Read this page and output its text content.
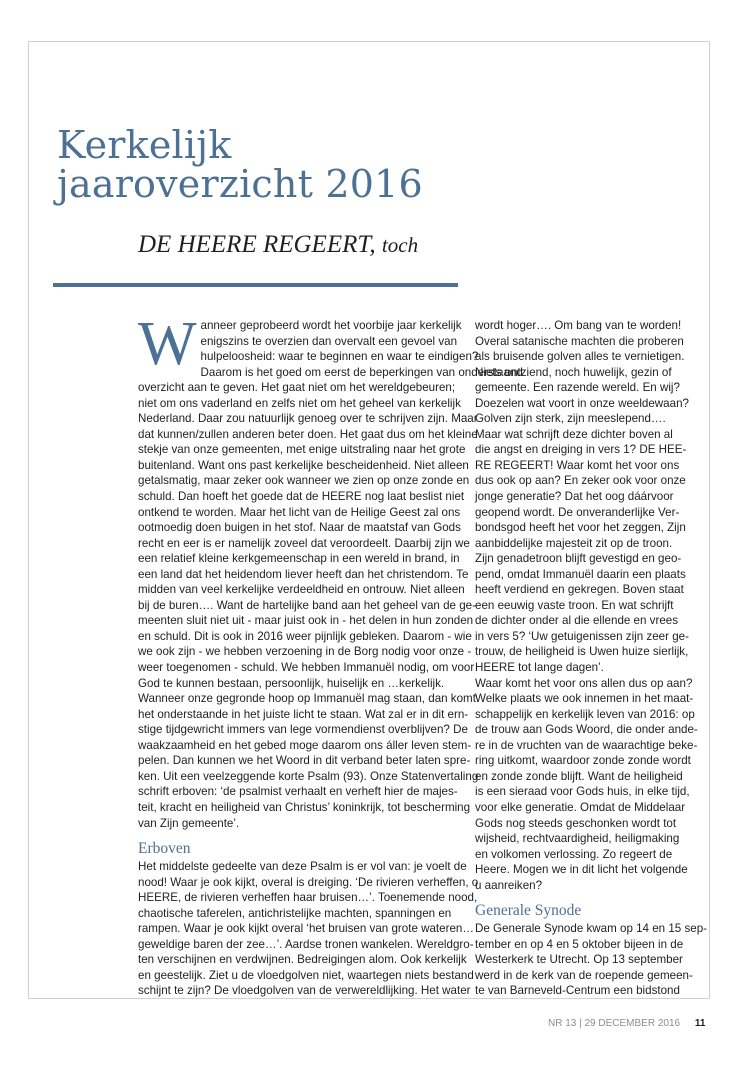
Kerkelijk
jaaroverzicht 2016
DE HEERE REGEERT, toch
W anneer geprobeerd wordt het voorbije jaar kerkelijk
enigszins te overzien dan overvalt een gevoel van
hulpeloosheid: waar te beginnen en waar te eindigen?
Daarom is het goed om eerst de beperkingen van onderstaand
overzicht aan te geven. Het gaat niet om het wereldgebeuren;
niet om ons vaderland en zelfs niet om het geheel van kerkelijk
Nederland. Daar zou natuurlijk genoeg over te schrijven zijn. Maar
dat kunnen/zullen anderen beter doen. Het gaat dus om het kleine
stekje van onze gemeenten, met enige uitstraling naar het grote
buitenland. Want ons past kerkelijke bescheidenheid. Niet alleen
getalsmatig, maar zeker ook wanneer we zien op onze zonde en
schuld. Dan hoeft het goede dat de HEERE nog laat beslist niet
ontkend te worden. Maar het licht van de Heilige Geest zal ons
ootmoedig doen buigen in het stof. Naar de maatstaf van Gods
recht en eer is er namelijk zoveel dat veroordeelt. Daarbij zijn we
een relatief kleine kerkgemeenschap in een wereld in brand, in
een land dat het heidendom liever heeft dan het christendom. Te
midden van veel kerkelijke verdeeldheid en ontrouw. Niet alleen
bij de buren…. Want de hartelijke band aan het geheel van de ge-
meenten sluit niet uit - maar juist ook in - het delen in hun zonden
en schuld. Dit is ook in 2016 weer pijnlijk gebleken. Daarom - wie
we ook zijn - we hebben verzoening in de Borg nodig voor onze -
weer toegenomen - schuld. We hebben Immanuël nodig, om voor
God te kunnen bestaan, persoonlijk, huiselijk en …kerkelijk.
Wanneer onze gegronde hoop op Immanuël mag staan, dan komt
het onderstaande in het juiste licht te staan. Wat zal er in dit ern-
stige tijdgewricht immers van lege vormendienst overblijven? De
waakzaamheid en het gebed moge daarom ons áller leven stem-
pelen. Dan kunnen we het Woord in dit verband beter laten spre-
ken. Uit een veelzeggende korte Psalm (93). Onze Statenvertaling
schrift erboven: ‘de psalmist verhaalt en verheft hier de majes-
teit, kracht en heiligheid van Christus’ koninkrijk, tot bescherming
van Zijn gemeente’.
Erboven
Het middelste gedeelte van deze Psalm is er vol van: je voelt de
nood! Waar je ook kijkt, overal is dreiging. ‘De rivieren verheffen, o
HEERE, de rivieren verheffen haar bruisen…’. Toenemende nood,
chaotische taferelen, antichristelijke machten, spanningen en
rampen. Waar je ook kijkt overal ‘het bruisen van grote wateren…
geweldige baren der zee…’. Aardse tronen wankelen. Wereldgro-
ten verschijnen en verdwijnen. Bedreigingen alom. Ook kerkelijk
en geestelijk. Ziet u de vloedgolven niet, waartegen niets bestand
schijnt te zijn? De vloedgolven van de verwereldlijking. Het water
wordt hoger…. Om bang van te worden!
Overal satanische machten die proberen
als bruisende golven alles te vernietigen.
Niets ontziend, noch huwelijk, gezin of
gemeente. Een razende wereld. En wij?
Doezelen wat voort in onze weeldewaan?
Golven zijn sterk, zijn meeslepend….
Maar wat schrijft deze dichter boven al
die angst en dreiging in vers 1? DE HEE-
RE REGEERT! Waar komt het voor ons
dus ook op aan? En zeker ook voor onze
jonge generatie? Dat het oog dáárvoor
geopend wordt. De onveranderlijke Ver-
bondsgod heeft het voor het zeggen, Zijn
aanbiddelijke majesteit zit op de troon.
Zijn genadetroon blijft gevestigd en geo-
pend, omdat Immanuël daarin een plaats
heeft verdiend en gekregen. Boven staat
een eeuwig vaste troon. En wat schrijft
de dichter onder al die ellende en vrees
in vers 5? ‘Uw getuigenissen zijn zeer ge-
trouw, de heiligheid is Uwen huize sierlijk,
HEERE tot lange dagen’.
Waar komt het voor ons allen dus op aan?
Welke plaats we ook innemen in het maat-
schappelijk en kerkelijk leven van 2016: op
de trouw aan Gods Woord, die onder ande-
re in de vruchten van de waarachtige beke-
ring uitkomt, waardoor zonde zonde wordt
en zonde zonde blijft. Want de heiligheid
is een sieraad voor Gods huis, in elke tijd,
voor elke generatie. Omdat de Middelaar
Gods nog steeds geschonken wordt tot
wijsheid, rechtvaardigheid, heiligmaking
en volkomen verlossing. Zo regeert de
Heere. Mogen we in dit licht het volgende
u aanreiken?
Generale Synode
De Generale Synode kwam op 14 en 15 sep-
tember en op 4 en 5 oktober bijeen in de
Westerkerk te Utrecht. Op 13 september
werd in de kerk van de roepende gemeen-
te van Barneveld-Centrum een bidstond
NR 13 | 29 DECEMBER 2016 11
